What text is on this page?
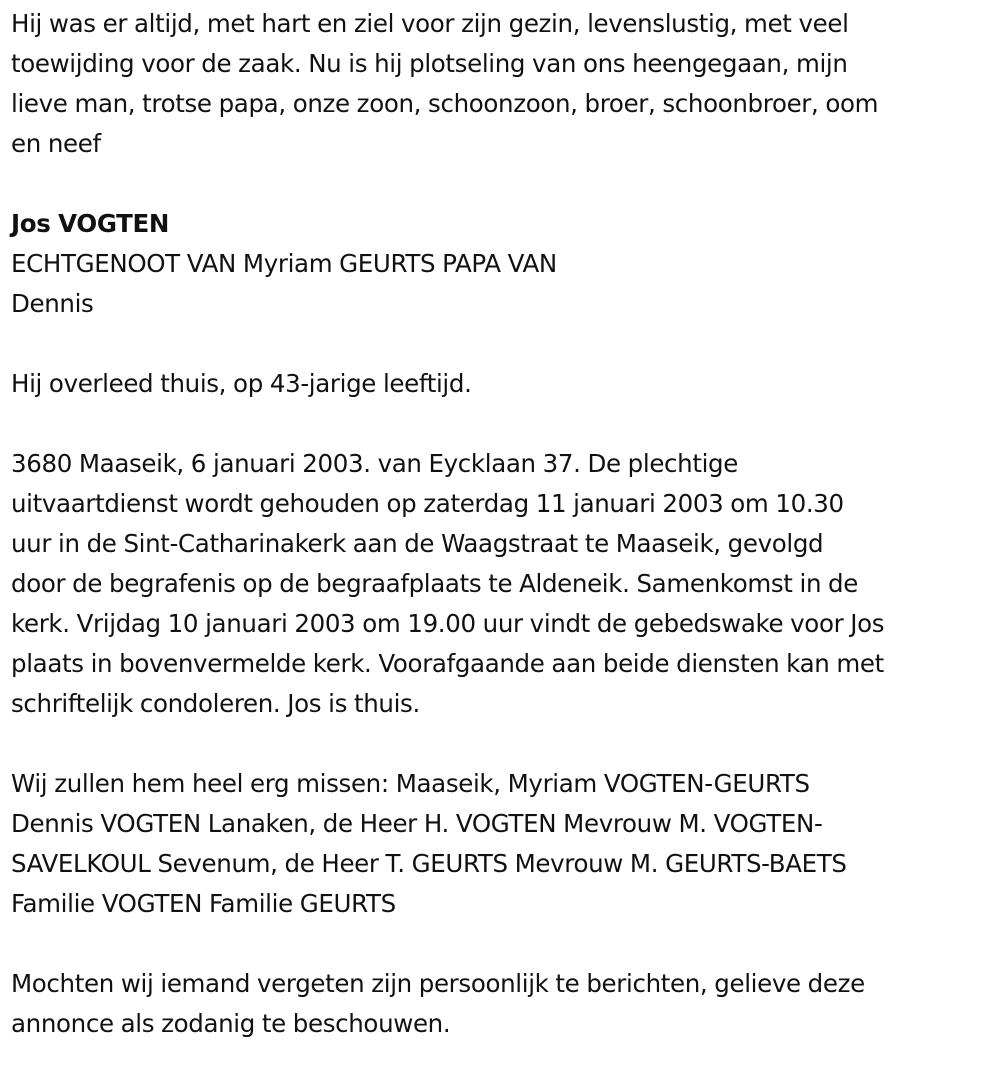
Hij was er altijd, met hart en ziel voor zijn gezin, levenslustig, met veel
toewijding voor de zaak. Nu is hij plotseling van ons heengegaan, mijn
lieve man, trotse papa, onze zoon, schoonzoon, broer, schoonbroer, oom
en neef
Jos VOGTEN
ECHTGENOOT VAN Myriam GEURTS PAPA VAN
Dennis
Hij overleed thuis, op 43-jarige leeftijd.
3680 Maaseik, 6 januari 2003. van Eycklaan 37. De plechtige
uitvaartdienst wordt gehouden op zaterdag 11 januari 2003 om 10.30
uur in de Sint-Catharinakerk aan de Waagstraat te Maaseik, gevolgd
door de begrafenis op de begraafplaats te Aldeneik. Samenkomst in de
kerk. Vrijdag 10 januari 2003 om 19.00 uur vindt de gebedswake voor Jos
plaats in bovenvermelde kerk. Voorafgaande aan beide diensten kan met
schriftelijk condoleren. Jos is thuis.
Wij zullen hem heel erg missen: Maaseik, Myriam VOGTEN-GEURTS
Dennis VOGTEN Lanaken, de Heer H. VOGTEN Mevrouw M. VOGTEN-
SAVELKOUL Sevenum, de Heer T. GEURTS Mevrouw M. GEURTS-BAETS
Familie VOGTEN Familie GEURTS
Mochten wij iemand vergeten zijn persoonlijk te berichten, gelieve deze
annonce als zodanig te beschouwen.
